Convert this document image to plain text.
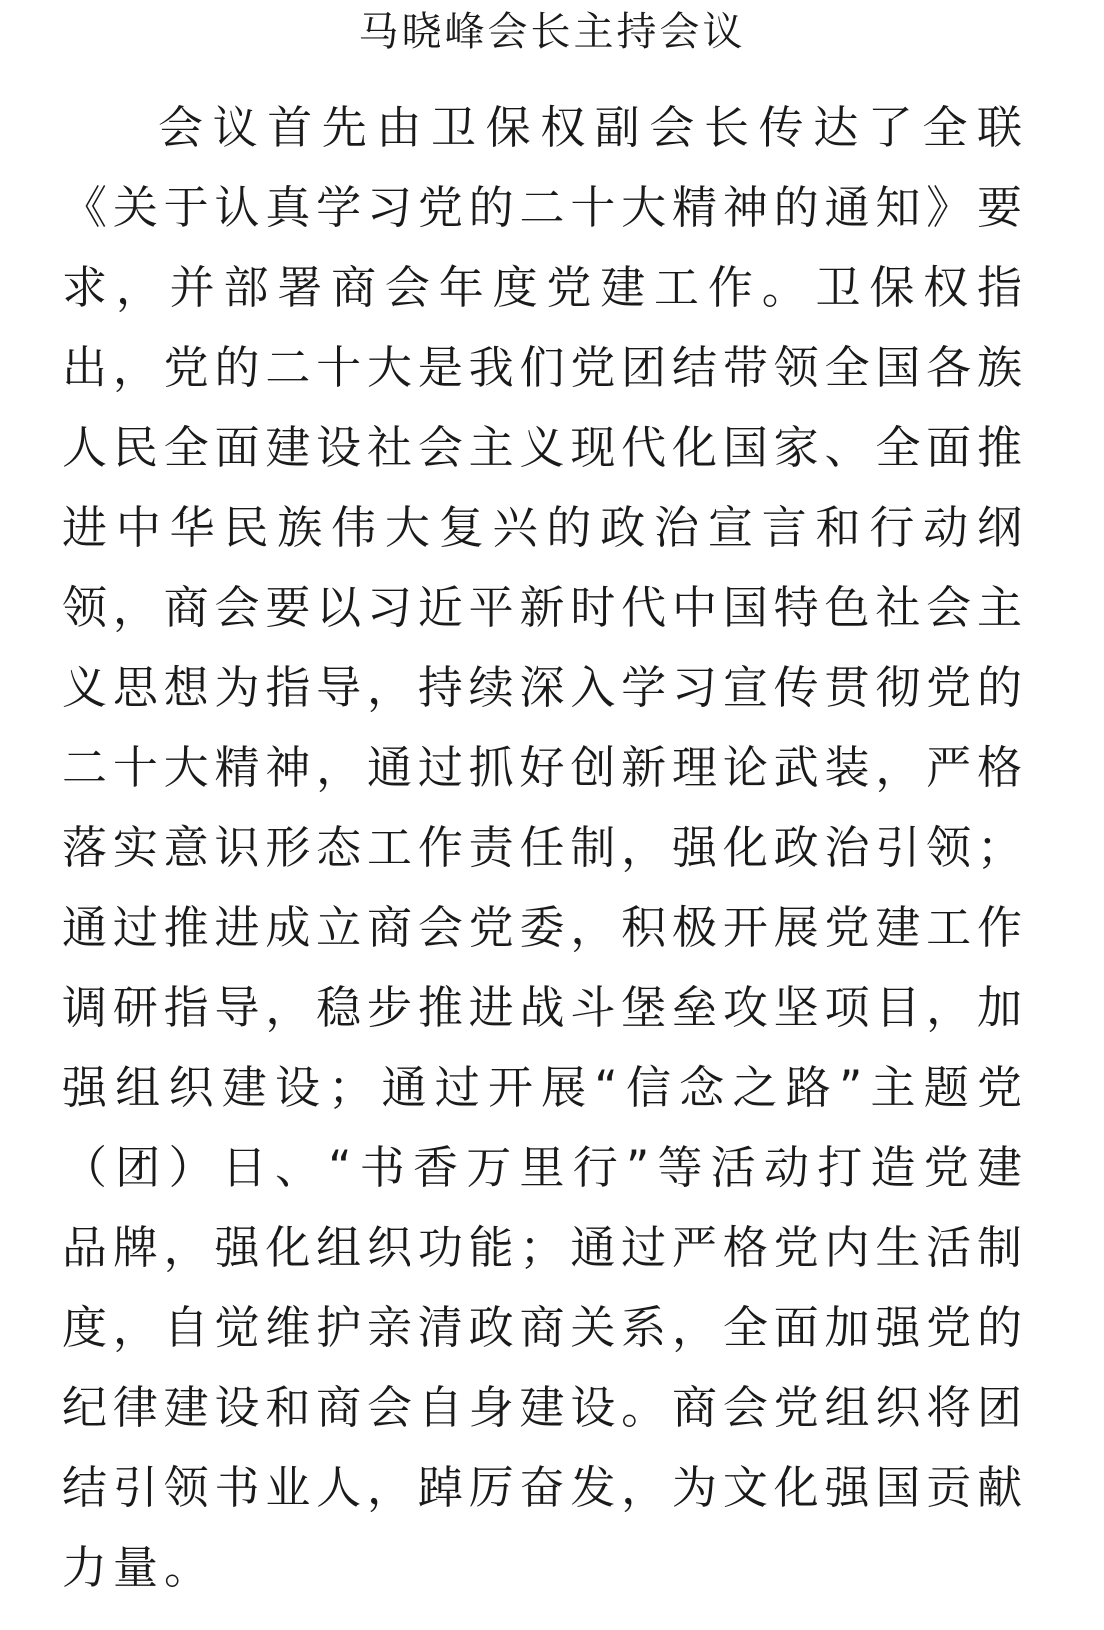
马晓峰会长主持会议
会议首先由卫保权副会长传达了全联
《关于认真学习党的二十大精神的通知》要
求，并部署商会年度党建工作。卫保权指
出，党的二十大是我们党团结带领全国各族
人民全面建设社会主义现代化国家、全面推
进中华民族伟大复兴的政治宣言和行动纲
领，商会要以习近平新时代中国特色社会主
义思想为指导，持续深入学习宣传贯彻党的
二十大精神，通过抓好创新理论武装，严格
落实意识形态工作责任制，强化政治引领；
通过推进成立商会党委，积极开展党建工作
调研指导，稳步推进战斗堡垒攻坚项目，加
强组织建设；通过开展“信念之路”主题党
（团）日、“书香万里行”等活动打造党建
品牌，强化组织功能；通过严格党内生活制
度，自觉维护亲清政商关系，全面加强党的
纪律建设和商会自身建设。商会党组织将团
结引领书业人，踔厉奋发，为文化强国贡献
力量。
